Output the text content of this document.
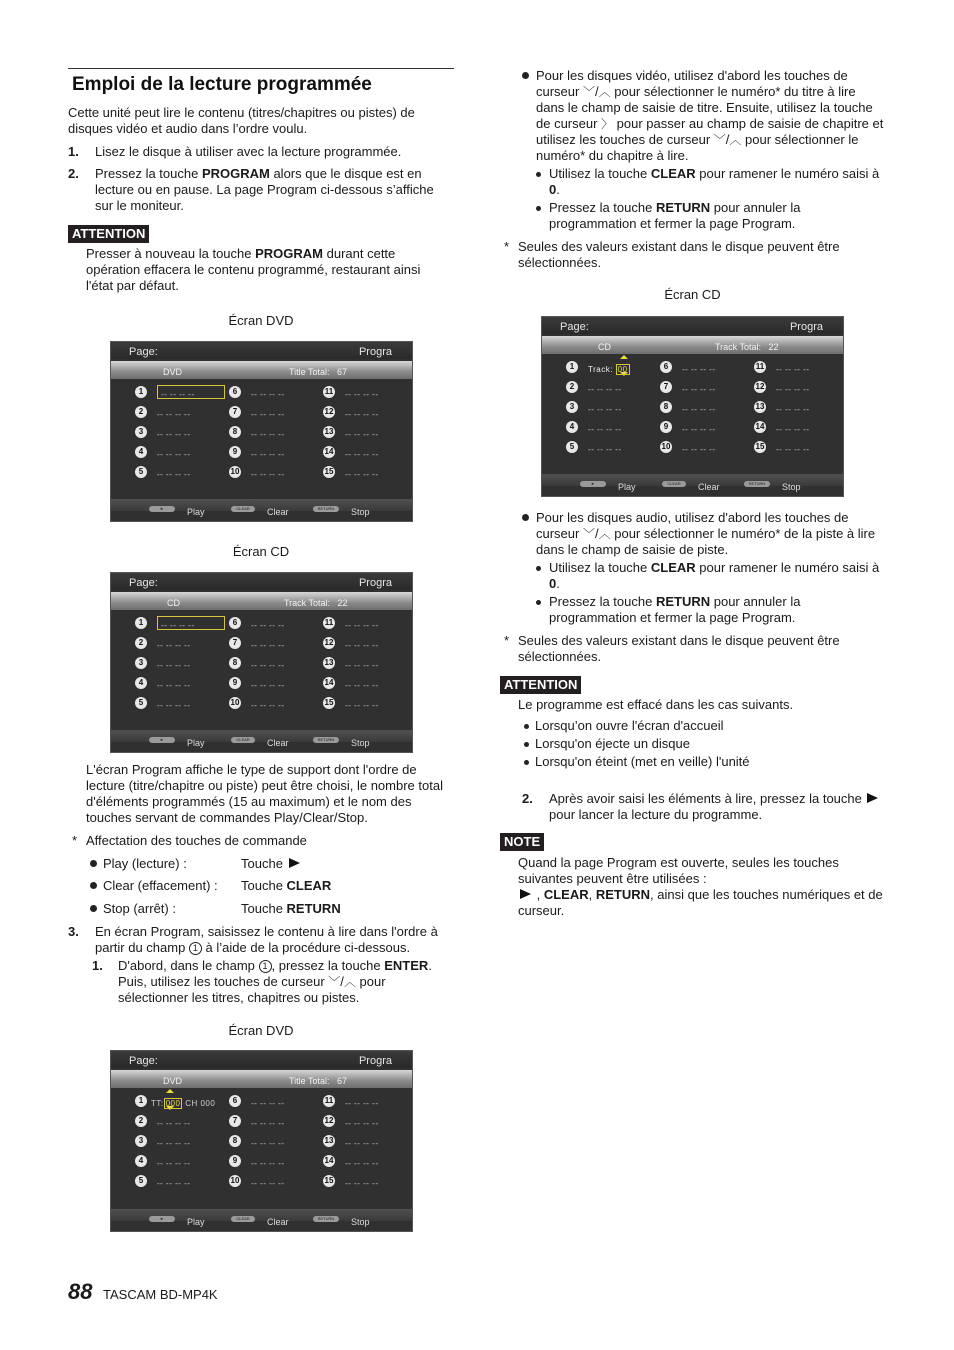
Emploi de la lecture programmée
Cette unité peut lire le contenu (titres/chapitres ou pistes) de disques vidéo et audio dans l’ordre voulu.
1. Lisez le disque à utiliser avec la lecture programmée.
2. Pressez la touche PROGRAM alors que le disque est en lecture ou en pause. La page Program ci-dessous s’affiche sur le moniteur.
ATTENTION
Presser à nouveau la touche PROGRAM durant cette opération effacera le contenu programmé, restaurant ainsi l'état par défaut.
Écran DVD
Page:	Progra
DVD	Title Total: 67
1	-- -- -- --
2	-- -- -- --
3	-- -- -- --
4	-- -- -- --
5	-- -- -- --
6	-- -- -- --
7	-- -- -- --
8	-- -- -- --
9	-- -- -- --
10 -- -- -- --
11 -- -- -- --
12 -- -- -- --
13 -- -- -- --
14 -- -- -- --
15 -- -- -- --
►	Play	CLEAR	Clear	RETURN	Stop
Écran CD
Page:	Progra
CD	Track Total: 22
1	-- -- -- --
2	-- -- -- --
3	-- -- -- --
4	-- -- -- --
5	-- -- -- --
6	-- -- -- --
7	-- -- -- --
8	-- -- -- --
9	-- -- -- --
10 -- -- -- --
11 -- -- -- --
12 -- -- -- --
13 -- -- -- --
14 -- -- -- --
15 -- -- -- --
►	Play	CLEAR	Clear	RETURN	Stop
L'écran Program affiche le type de support dont l'ordre de lecture (titre/chapitre ou piste) peut être choisi, le nombre total d'éléments programmés (15 au maximum) et le nom des touches servant de commandes Play/Clear/Stop.
* Affectation des touches de commande
Play (lecture) :	Touche
Clear (effacement) : Touche CLEAR
Stop (arrêt) :	Touche RETURN
3. En écran Program, saisissez le contenu à lire dans l'ordre à partir du champ 1 à l’aide de la procédure ci-dessous.
1. D'abord, dans le champ 1 , pressez la touche ENTER. Puis, utilisez les touches de curseur ﹀/︿ pour sélectionner les titres, chapitres ou pistes.
Écran DVD
Page:	Progra
DVD	Title Total: 67
1 TT: 000 CH 000
2	-- -- -- --
3	-- -- -- --
4	-- -- -- --
5	-- -- -- --
6	-- -- -- --
7	-- -- -- --
8	-- -- -- --
9	-- -- -- --
10 -- -- -- --
11 -- -- -- --
12 -- -- -- --
13 -- -- -- --
14 -- -- -- --
15 -- -- -- --
►	Play	CLEAR	Clear	RETURN	Stop
88 TASCAM BD-MP4K
Pour les disques vidéo, utilisez d'abord les touches de curseur ﹀/︿ pour sélectionner le numéro* du titre à lire dans le champ de saisie de titre. Ensuite, utilisez la touche de curseur 〉 pour passer au champ de saisie de chapitre et utilisez les touches de curseur ﹀/︿ pour sélectionner le numéro* du chapitre à lire.
Utilisez la touche CLEAR pour ramener le numéro saisi à 0.
Pressez la touche RETURN pour annuler la programmation et fermer la page Program.
* Seules des valeurs existant dans le disque peuvent être sélectionnées.
Écran CD
Page:	Progra
CD	Track Total: 22
1	Track: 00
2	-- -- -- --
3	-- -- -- --
4	-- -- -- --
5	-- -- -- --
6	-- -- -- --
7	-- -- -- --
8	-- -- -- --
9	-- -- -- --
10 -- -- -- --
11 -- -- -- --
12 -- -- -- --
13 -- -- -- --
14 -- -- -- --
15 -- -- -- --
►	Play	CLEAR	Clear	RETURN	Stop
Pour les disques audio, utilisez d'abord les touches de curseur ﹀/︿ pour sélectionner le numéro* de la piste à lire dans le champ de saisie de piste.
Utilisez la touche CLEAR pour ramener le numéro saisi à 0.
Pressez la touche RETURN pour annuler la programmation et fermer la page Program.
* Seules des valeurs existant dans le disque peuvent être sélectionnées.
ATTENTION
Le programme est effacé dans les cas suivants.
Lorsqu’on ouvre l'écran d'accueil
Lorsqu'on éjecte un disque
Lorsqu'on éteint (met en veille) l'unité
2. Après avoir saisi les éléments à lire, pressez la touche
pour lancer la lecture du programme.
NOTE
Quand la page Program est ouverte, seules les touches suivantes peuvent être utilisées :
, CLEAR, RETURN, ainsi que les touches numériques et de curseur.
